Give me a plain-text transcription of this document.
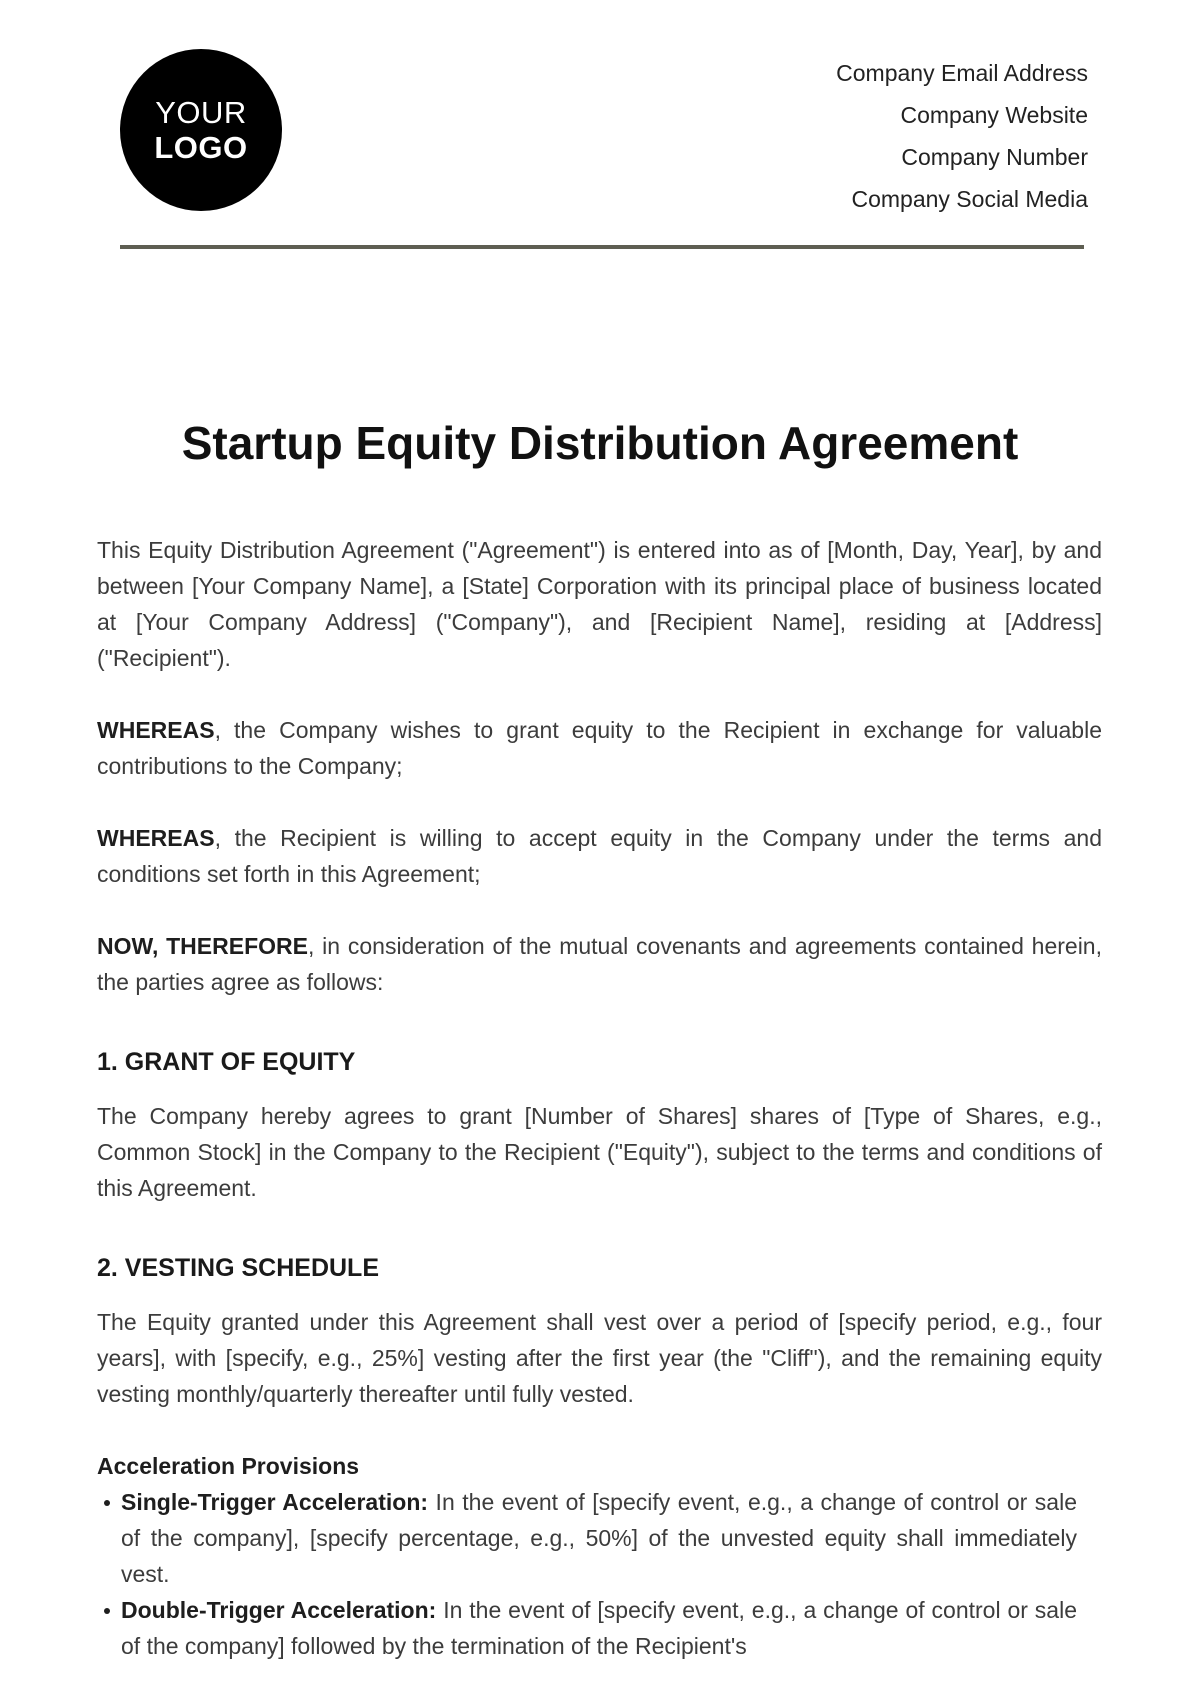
YOUR
LOGO
Company Email Address
Company Website
Company Number
Company Social Media
Startup Equity Distribution Agreement

This Equity Distribution Agreement ("Agreement") is entered into as of [Month, Day, Year], by and between [Your Company Name], a [State] Corporation with its principal place of business located at [Your Company Address] ("Company"), and [Recipient Name], residing at [Address] ("Recipient").

WHEREAS, the Company wishes to grant equity to the Recipient in exchange for valuable contributions to the Company;

WHEREAS, the Recipient is willing to accept equity in the Company under the terms and conditions set forth in this Agreement;

NOW, THEREFORE, in consideration of the mutual covenants and agreements contained herein, the parties agree as follows:

1. GRANT OF EQUITY

The Company hereby agrees to grant [Number of Shares] shares of [Type of Shares, e.g., Common Stock] in the Company to the Recipient ("Equity"), subject to the terms and conditions of this Agreement.

2. VESTING SCHEDULE

The Equity granted under this Agreement shall vest over a period of [specify period, e.g., four years], with [specify, e.g., 25%] vesting after the first year (the "Cliff"), and the remaining equity vesting monthly/quarterly thereafter until fully vested.

Acceleration Provisions
Single-Trigger Acceleration: In the event of [specify event, e.g., a change of control or sale of the company], [specify percentage, e.g., 50%] of the unvested equity shall immediately vest.
Double-Trigger Acceleration: In the event of [specify event, e.g., a change of control or sale of the company] followed by the termination of the Recipient's
